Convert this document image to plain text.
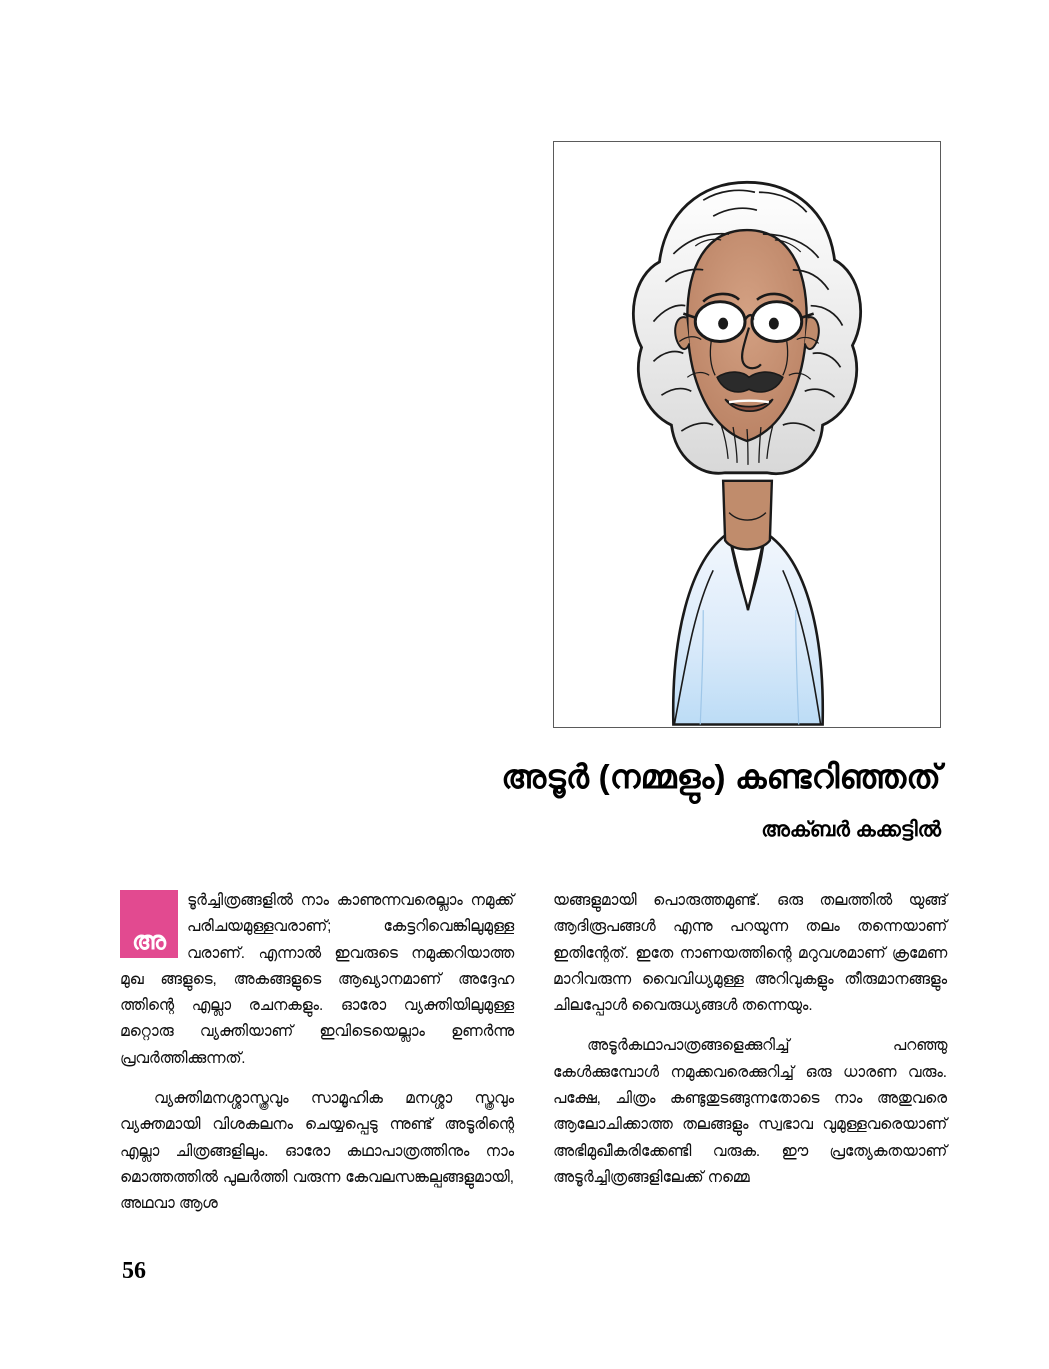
അടൂർ (നമ്മളും) കണ്ടറിഞ്ഞത്
അക്ബർ കക്കട്ടിൽ

അ
ടൂർച്ചിത്രങ്ങളിൽ നാം കാണുന്നവരെല്ലാം നമുക്ക് പരിചയമുള്ളവരാണ്; കേട്ടറിവെങ്കിലുമുള്ള വരാണ്. എന്നാൽ ഇവരുടെ നമുക്കറിയാത്ത മുഖ ങ്ങളുടെ, അകങ്ങളുടെ ആഖ്യാനമാണ് അദ്ദേഹ ത്തിന്റെ എല്ലാ രചനകളും. ഓരോ വ്യക്തിയിലുമുള്ള മറ്റൊരു വ്യക്തിയാണ് ഇവിടെയെല്ലാം ഉണർന്നു പ്രവർത്തിക്കുന്നത്.

വ്യക്തിമനശ്ശാസ്ത്രവും സാമൂഹിക മനശ്ശാ സ്ത്രവും വ്യക്തമായി വിശകലനം ചെയ്യപ്പെടു ന്നുണ്ട് അടൂരിന്റെ എല്ലാ ചിത്രങ്ങളിലും. ഓരോ കഥാപാത്രത്തിനും നാം മൊത്തത്തിൽ പുലർത്തി വരുന്ന കേവലസങ്കല്പങ്ങളുമായി, അഥവാ ആശ

യങ്ങളുമായി പൊരുത്തമുണ്ട്. ഒരു തലത്തിൽ യുങ്ങ് ആദിരൂപങ്ങൾ എന്നു പറയുന്ന തലം തന്നെയാണ് ഇതിന്റേത്. ഇതേ നാണയത്തിന്റെ മറുവശമാണ് ക്രമേണ മാറിവരുന്ന വൈവിധ്യമുള്ള അറിവുകളും തീരുമാനങ്ങളും ചിലപ്പോൾ വൈരുധ്യങ്ങൾ തന്നെയും.

അടൂർകഥാപാത്രങ്ങളെക്കുറിച്ച് പറഞ്ഞു കേൾക്കുമ്പോൾ നമുക്കവരെക്കുറിച്ച് ഒരു ധാരണ വരും. പക്ഷേ, ചിത്രം കണ്ടുതുടങ്ങുന്നതോടെ നാം അതുവരെ ആലോചിക്കാത്ത തലങ്ങളും സ്വഭാവ വുമുള്ളവരെയാണ് അഭിമുഖീകരിക്കേണ്ടി വരുക. ഈ പ്രത്യേകതയാണ് അടൂർച്ചിത്രങ്ങളിലേക്ക് നമ്മെ

56
